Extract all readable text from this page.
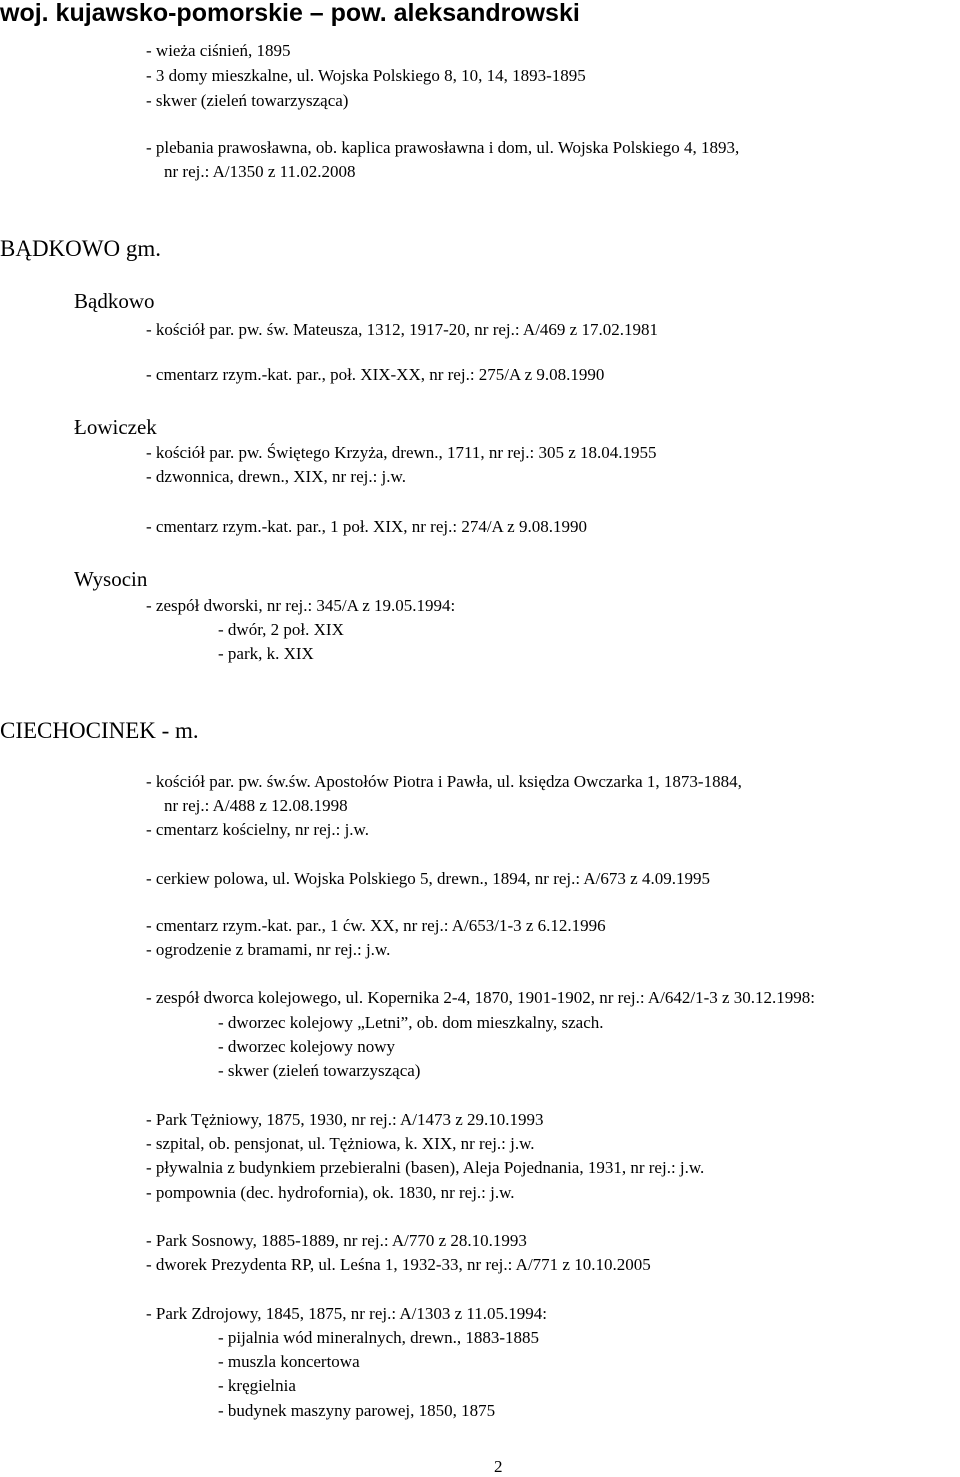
woj. kujawsko-pomorskie – pow. aleksandrowski
- wieża ciśnień, 1895
- 3 domy mieszkalne, ul. Wojska Polskiego 8, 10, 14, 1893-1895
- skwer (zieleń towarzysząca)
- plebania prawosławna, ob. kaplica prawosławna i dom, ul. Wojska Polskiego 4, 1893,
nr rej.: A/1350 z 11.02.2008
BĄDKOWO gm.
Bądkowo
- kościół par. pw. św. Mateusza, 1312, 1917-20, nr rej.: A/469 z 17.02.1981
- cmentarz rzym.-kat. par., poł. XIX-XX, nr rej.: 275/A z 9.08.1990
Łowiczek
- kościół par. pw. Świętego Krzyża, drewn., 1711, nr rej.: 305 z 18.04.1955
- dzwonnica, drewn., XIX, nr rej.: j.w.
- cmentarz rzym.-kat. par., 1 poł. XIX, nr rej.: 274/A z 9.08.1990
Wysocin
- zespół dworski, nr rej.: 345/A z 19.05.1994:
- dwór, 2 poł. XIX
- park, k. XIX
CIECHOCINEK - m.
- kościół par. pw. św.św. Apostołów Piotra i Pawła, ul. księdza Owczarka 1, 1873-1884,
nr rej.: A/488 z 12.08.1998
- cmentarz kościelny, nr rej.: j.w.
- cerkiew polowa, ul. Wojska Polskiego 5, drewn., 1894, nr rej.: A/673 z 4.09.1995
- cmentarz rzym.-kat. par., 1 ćw. XX, nr rej.: A/653/1-3 z 6.12.1996
- ogrodzenie z bramami, nr rej.: j.w.
- zespół dworca kolejowego, ul. Kopernika 2-4, 1870, 1901-1902, nr rej.: A/642/1-3 z 30.12.1998:
- dworzec kolejowy „Letni”, ob. dom mieszkalny, szach.
- dworzec kolejowy nowy
- skwer (zieleń towarzysząca)
- Park Tężniowy, 1875, 1930, nr rej.: A/1473 z 29.10.1993
- szpital, ob. pensjonat, ul. Tężniowa, k. XIX, nr rej.: j.w.
- pływalnia z budynkiem przebieralni (basen), Aleja Pojednania, 1931, nr rej.: j.w.
- pompownia (dec. hydrofornia), ok. 1830, nr rej.: j.w.
- Park Sosnowy, 1885-1889, nr rej.: A/770 z 28.10.1993
- dworek Prezydenta RP, ul. Leśna 1, 1932-33, nr rej.: A/771 z 10.10.2005
- Park Zdrojowy, 1845, 1875, nr rej.: A/1303 z 11.05.1994:
- pijalnia wód mineralnych, drewn., 1883-1885
- muszla koncertowa
- kręgielnia
- budynek maszyny parowej, 1850, 1875
2
